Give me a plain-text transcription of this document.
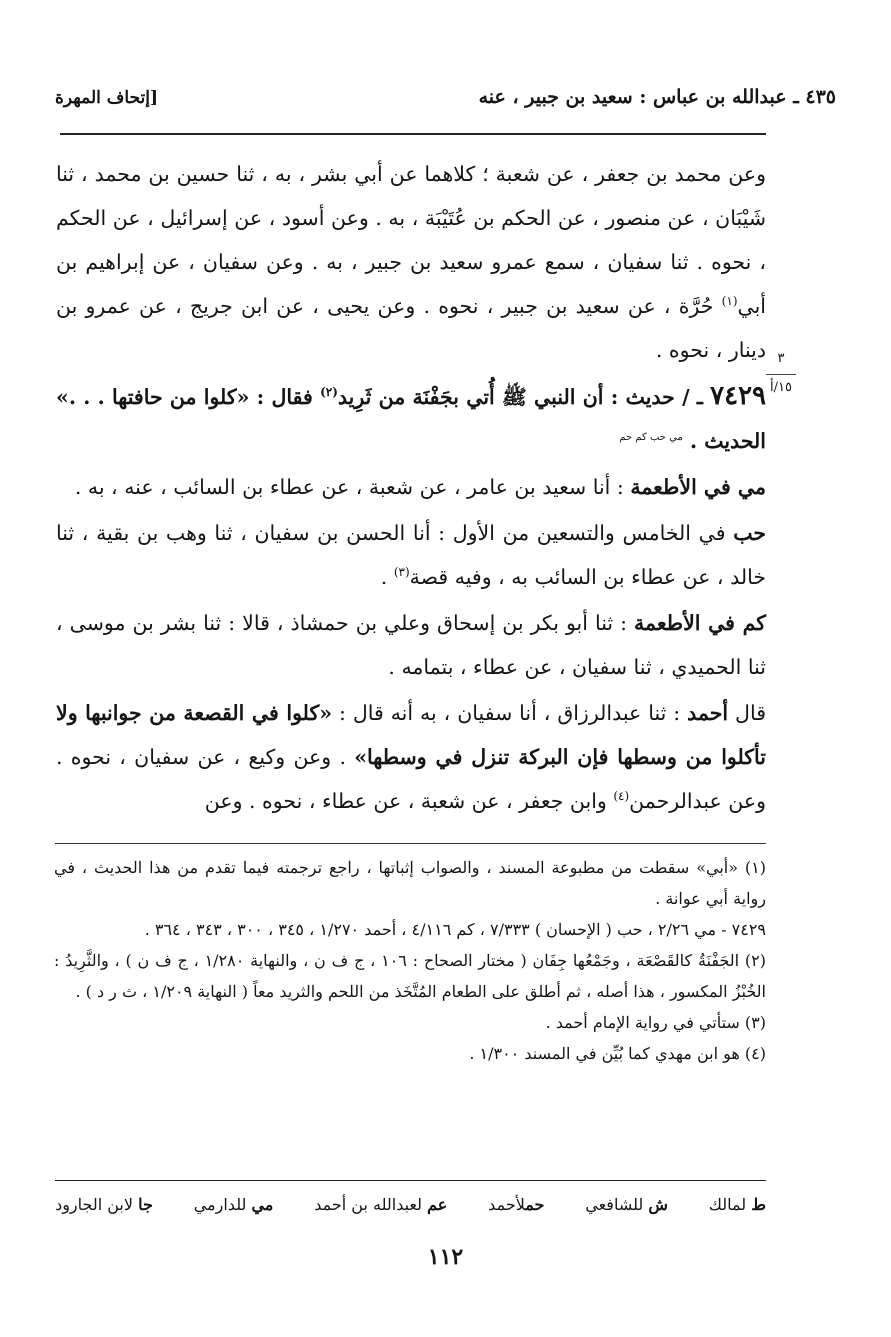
٤٣٥ ـ عبدالله بن عباس : سعيد بن جبير ، عنه
[إتحاف المهرة
٣
١٥/أ

وعن محمد بن جعفر ، عن شعبة ؛ كلاهما عن أبي بشر ، به ، ثنا حسين بن محمد ، ثنا شَيْبَان ، عن منصور ، عن الحكم بن عُتَيْبَة ، به . وعن أسود ، عن إسرائيل ، عن الحكم ، نحوه . ثنا سفيان ، سمع عمرو سعيد بن جبير ، به . وعن سفيان ، عن إبراهيم بن أبي$^{(١)}$ حُرَّة ، عن سعيد بن جبير ، نحوه . وعن يحيى ، عن ابن جريج ، عن عمرو بن دينار ، نحوه .

٧٤٢٩ ـ / حديث : أن النبي ﷺ أُتي بجَفْنَة من ثَرِيد$^{(٢)}$ فقال : «كلوا من حافتها . . .» الحديث . $^{مي حب كم حم}$

مي في الأطعمة : أنا سعيد بن عامر ، عن شعبة ، عن عطاء بن السائب ، عنه ، به .

حب في الخامس والتسعين من الأول : أنا الحسن بن سفيان ، ثنا وهب بن بقية ، ثنا خالد ، عن عطاء بن السائب به ، وفيه قصة$^{(٣)}$ .

كم في الأطعمة : ثنا أبو بكر بن إسحاق وعلي بن حمشاذ ، قالا : ثنا بشر بن موسى ، ثنا الحميدي ، ثنا سفيان ، عن عطاء ، بتمامه .

قال أحمد : ثنا عبدالرزاق ، أنا سفيان ، به أنه قال : «كلوا في القصعة من جوانبها ولا تأكلوا من وسطها فإن البركة تنزل في وسطها» . وعن وكيع ، عن سفيان ، نحوه . وعن عبدالرحمن$^{(٤)}$ وابن جعفر ، عن شعبة ، عن عطاء ، نحوه . وعن

(١) «أبي» سقطت من مطبوعة المسند ، والصواب إثباتها ، راجع ترجمته فيما تقدم من هذا الحديث ، في رواية أبي عوانة .

٧٤٢٩ - مي ٢/٢٦ ، حب ( الإحسان ) ٧/٣٣٣ ، كم ٤/١١٦ ، أحمد ١/٢٧٠ ، ٣٤٥ ، ٣٠٠ ، ٣٤٣ ، ٣٦٤ .

(٢) الجَفْنَةُ كالقَصْعَة ، وجَمْعُها جِفَان ( مختار الصحاح : ١٠٦ ، ج ف ن ، والنهاية ١/٢٨٠ ، ج ف ن ) ، والثَّرِيدُ : الخُبْزُ المكسور ، هذا أصله ، ثم أطلق على الطعام المُتَّخَذ من اللحم والثريد معاً ( النهاية ١/٢٠٩ ، ث ر د ) .

(٣) ستأتي في رواية الإمام أحمد .

(٤) هو ابن مهدي كما بُيِّن في المسند ١/٣٠٠ .

ط لمالك
ش للشافعي
حملأحمد
عم لعبدالله بن أحمد
مي للدارمي
جا لابن الجارود
١١٢
